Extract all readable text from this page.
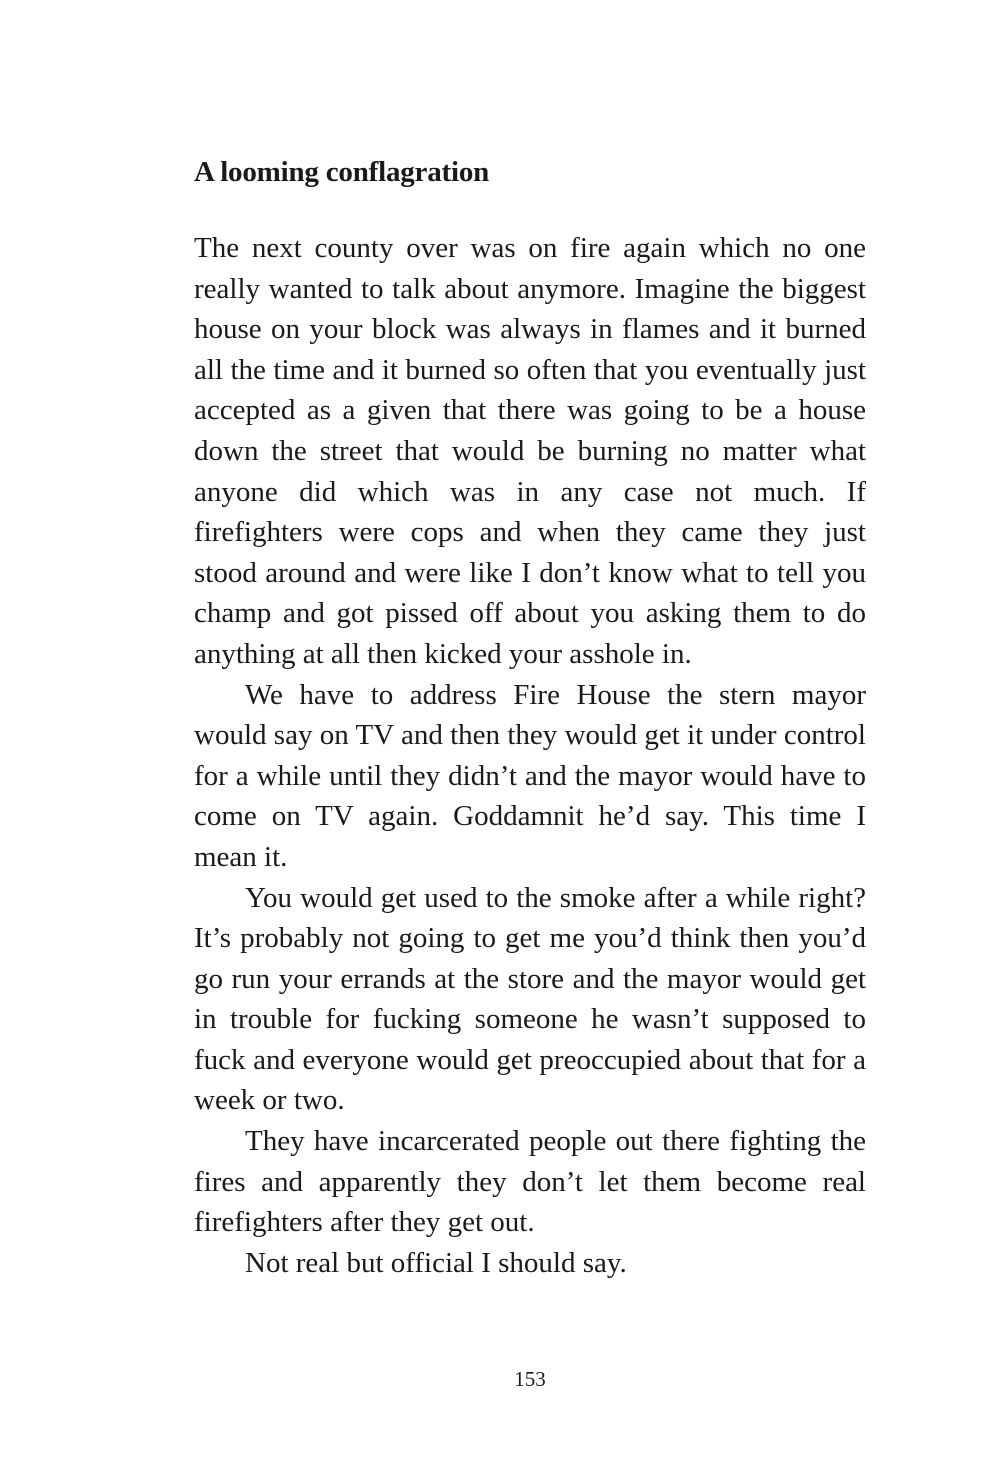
A looming conflagration

The next county over was on fire again which no one really wanted to talk about anymore. Imagine the biggest house on your block was always in flames and it burned all the time and it burned so often that you eventually just accepted as a given that there was going to be a house down the street that would be burning no matter what anyone did which was in any case not much. If firefighters were cops and when they came they just stood around and were like I don’t know what to tell you champ and got pissed off about you asking them to do anything at all then kicked your asshole in.

We have to address Fire House the stern mayor would say on TV and then they would get it under control for a while until they didn’t and the mayor would have to come on TV again. Goddamnit he’d say. This time I mean it.

You would get used to the smoke after a while right? It’s probably not going to get me you’d think then you’d go run your errands at the store and the mayor would get in trouble for fucking someone he wasn’t supposed to fuck and everyone would get preoccupied about that for a week or two.

They have incarcerated people out there fighting the fires and apparently they don’t let them become real firefighters after they get out.

Not real but official I should say.

153
